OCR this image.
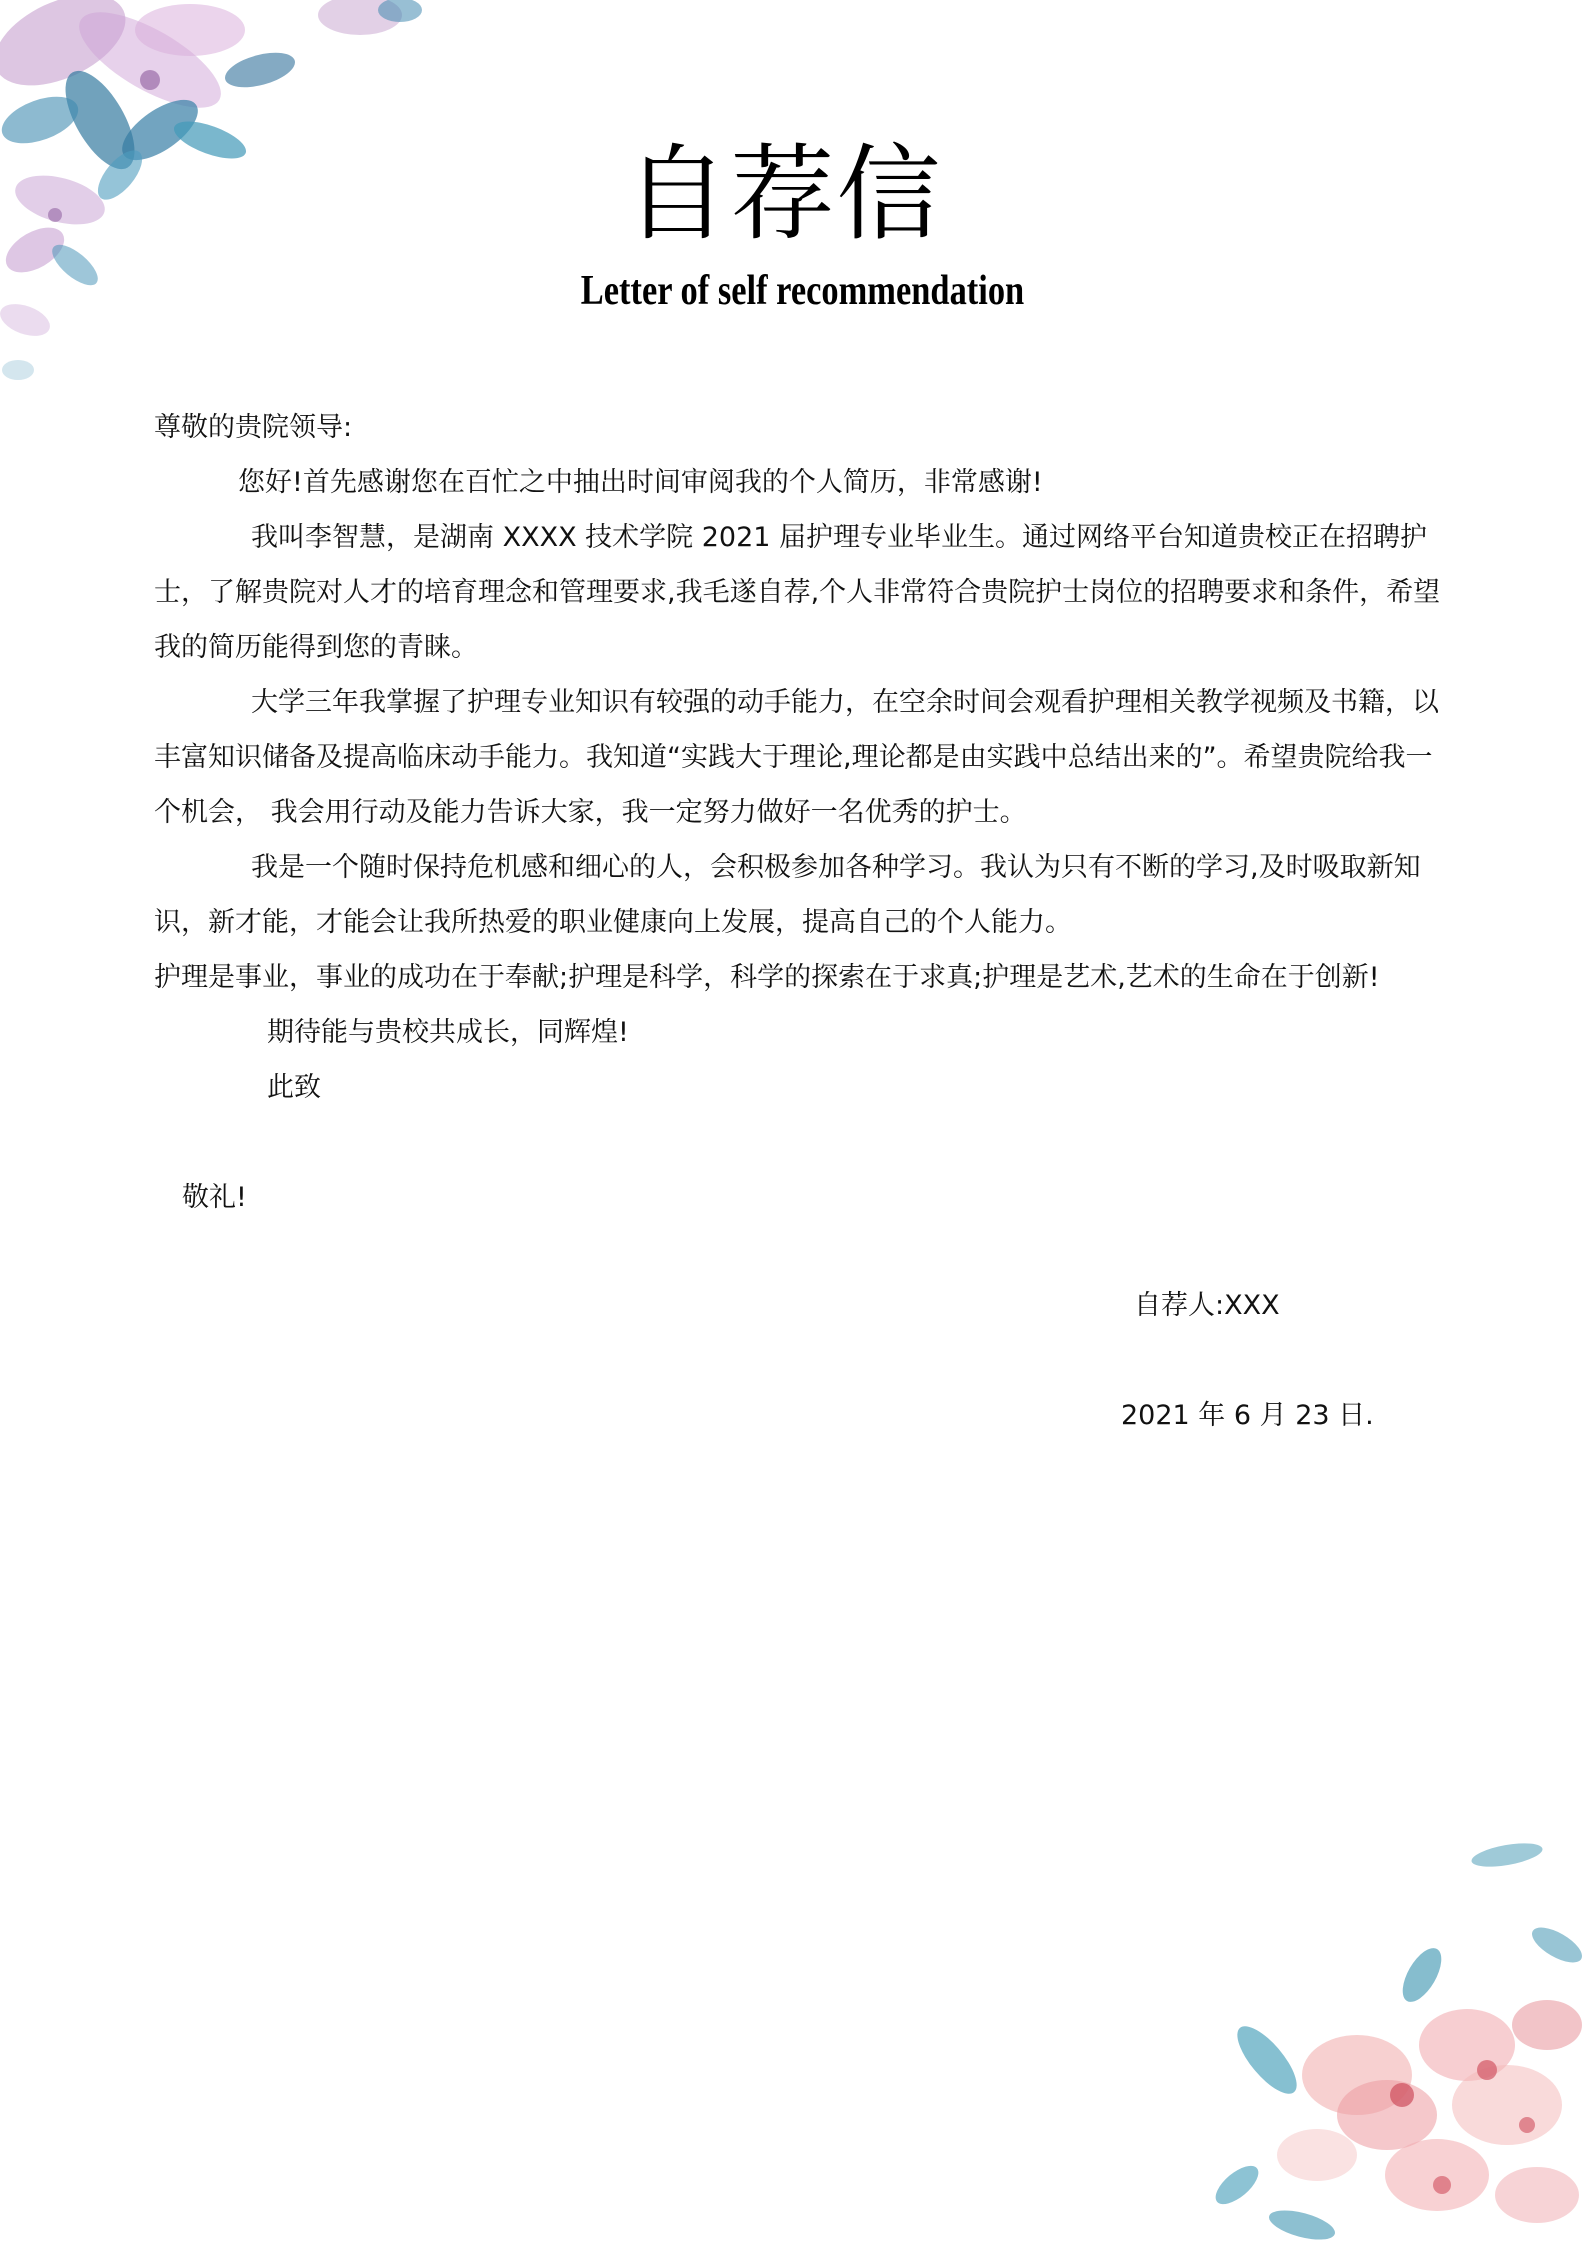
自荐信
Letter of self recommendation

尊敬的贵院领导:

您好!首先感谢您在百忙之中抽出时间审阅我的个人简历，非常感谢!

我叫李智慧，是湖南 XXXX 技术学院 2021 届护理专业毕业生。通过网络平台知道贵校正在招聘护士，了解贵院对人才的培育理念和管理要求,我毛遂自荐,个人非常符合贵院护士岗位的招聘要求和条件，希望我的简历能得到您的青睐。

大学三年我掌握了护理专业知识有较强的动手能力，在空余时间会观看护理相关教学视频及书籍，以丰富知识储备及提高临床动手能力。我知道“实践大于理论,理论都是由实践中总结出来的”。希望贵院给我一个机会， 我会用行动及能力告诉大家，我一定努力做好一名优秀的护士。

我是一个随时保持危机感和细心的人，会积极参加各种学习。我认为只有不断的学习,及时吸取新知识，新才能，才能会让我所热爱的职业健康向上发展，提高自己的个人能力。

护理是事业，事业的成功在于奉献;护理是科学，科学的探索在于求真;护理是艺术,艺术的生命在于创新!

期待能与贵校共成长，同辉煌!

此致

敬礼!

自荐人:XXX
2021 年 6 月 23 日.
